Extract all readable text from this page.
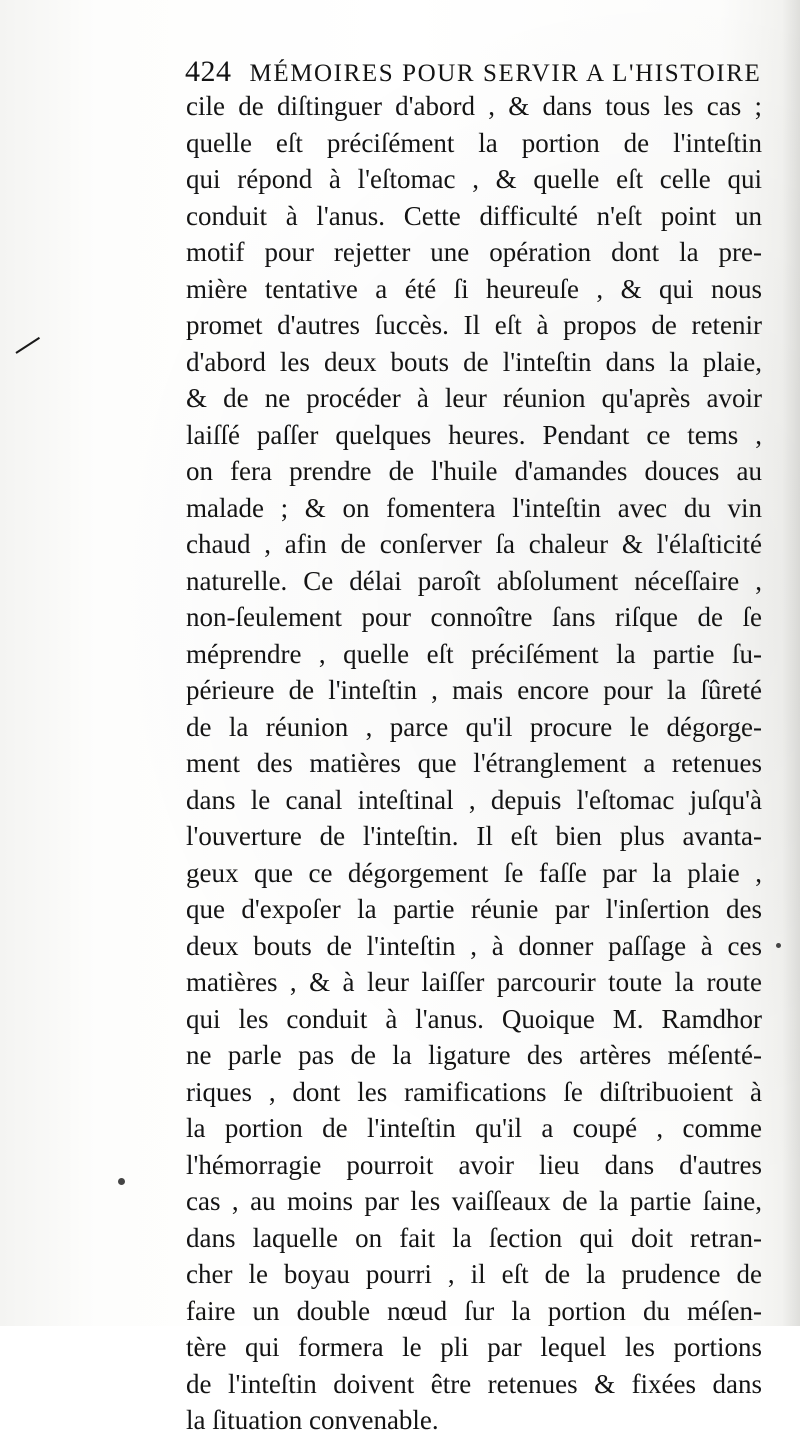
424 MÉMOIRES POUR SERVIR A L'HISTOIRE
cile de diſtinguer d'abord , & dans tous les cas ;
quelle eſt préciſément la portion de l'inteſtin
qui répond à l'eſtomac , & quelle eſt celle qui
conduit à l'anus. Cette difficulté n'eſt point un
motif pour rejetter une opération dont la pre-
mière tentative a été ſi heureuſe , & qui nous
promet d'autres ſuccès. Il eſt à propos de retenir
d'abord les deux bouts de l'inteſtin dans la plaie,
& de ne procéder à leur réunion qu'après avoir
laiſſé paſſer quelques heures. Pendant ce tems ,
on fera prendre de l'huile d'amandes douces au
malade ; & on fomentera l'inteſtin avec du vin
chaud , afin de conſerver ſa chaleur & l'élaſticité
naturelle. Ce délai paroît abſolument néceſſaire ,
non-ſeulement pour connoître ſans riſque de ſe
méprendre , quelle eſt préciſément la partie ſu-
périeure de l'inteſtin , mais encore pour la ſûreté
de la réunion , parce qu'il procure le dégorge-
ment des matières que l'étranglement a retenues
dans le canal inteſtinal , depuis l'eſtomac juſqu'à
l'ouverture de l'inteſtin. Il eſt bien plus avanta-
geux que ce dégorgement ſe faſſe par la plaie ,
que d'expoſer la partie réunie par l'inſertion des
deux bouts de l'inteſtin , à donner paſſage à ces
matières , & à leur laiſſer parcourir toute la route
qui les conduit à l'anus. Quoique M. Ramdhor
ne parle pas de la ligature des artères méſenté-
riques , dont les ramifications ſe diſtribuoient à
la portion de l'inteſtin qu'il a coupé , comme
l'hémorragie pourroit avoir lieu dans d'autres
cas , au moins par les vaiſſeaux de la partie ſaine,
dans laquelle on fait la ſection qui doit retran-
cher le boyau pourri , il eſt de la prudence de
faire un double nœud ſur la portion du méſen-
tère qui formera le pli par lequel les portions
de l'inteſtin doivent être retenues & fixées dans
la ſituation convenable.
